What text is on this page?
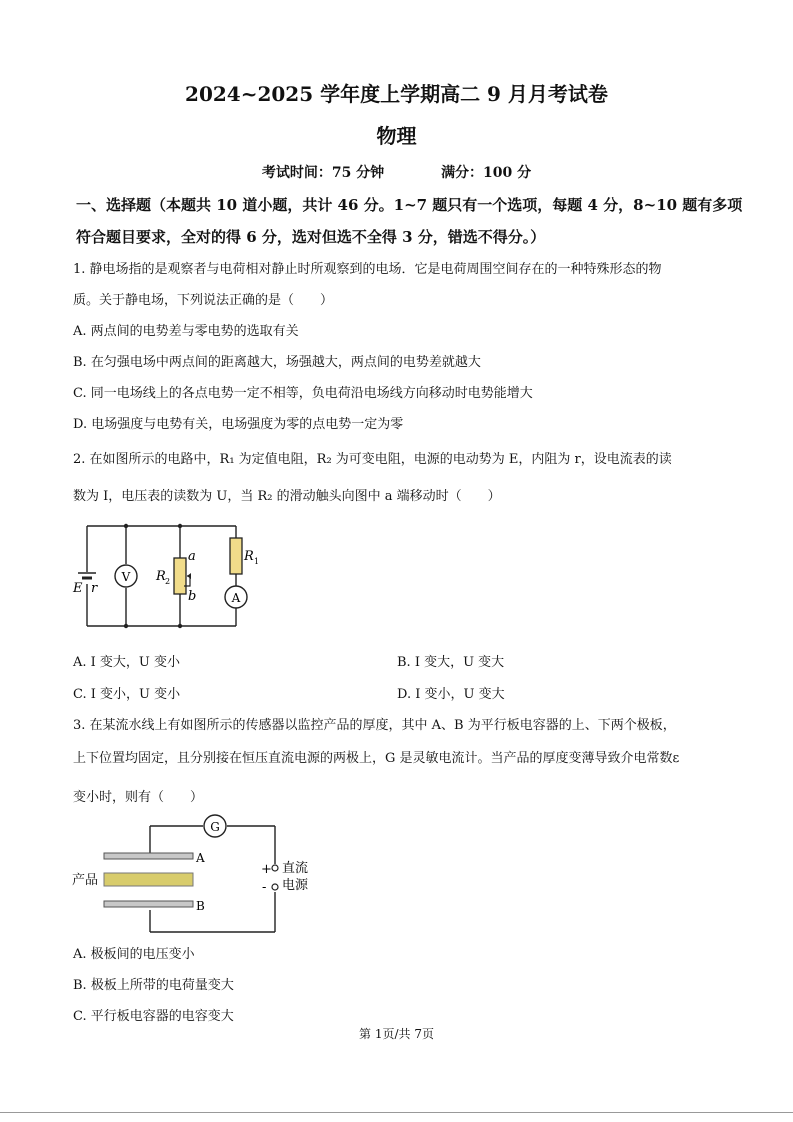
2024~2025 学年度上学期高二 9 月月考试卷
物理
考试时间：75 分钟	满分：100 分
一、选择题（本题共 10 道小题，共计 46 分。1~7 题只有一个选项，每题 4 分，8~10 题有多项
符合题目要求，全对的得 6 分，选对但选不全得 3 分，错选不得分。）
1. 静电场指的是观察者与电荷相对静止时所观察到的电场．它是电荷周围空间存在的一种特殊形态的物
质。关于静电场，下列说法正确的是（　　）
A. 两点间的电势差与零电势的选取有关
B. 在匀强电场中两点间的距离越大，场强越大，两点间的电势差就越大
C. 同一电场线上的各点电势一定不相等，负电荷沿电场线方向移动时电势能增大
D. 电场强度与电势有关，电场强度为零的点电势一定为零
2. 在如图所示的电路中，R₁ 为定值电阻，R₂ 为可变电阻，电源的电动势为 E，内阻为 r，设电流表的读
数为 I，电压表的读数为 U，当 R₂ 的滑动触头向图中 a 端移动时（　　）
E r
V
a
b
R 2
R 1
A
A. I 变大，U 变小	B. I 变大，U 变大
C. I 变小，U 变小	D. I 变小，U 变大
3. 在某流水线上有如图所示的传感器以监控产品的厚度，其中 A、B 为平行板电容器的上、下两个极板，
上下位置均固定，且分别接在恒压直流电源的两极上，G 是灵敏电流计。当产品的厚度变薄导致介电常数ε
变小时，则有（　　）
G
A
产品
B
+
-
直流
电源
A. 极板间的电压变小
B. 极板上所带的电荷量变大
C. 平行板电容器的电容变大
第 1页/共 7页
